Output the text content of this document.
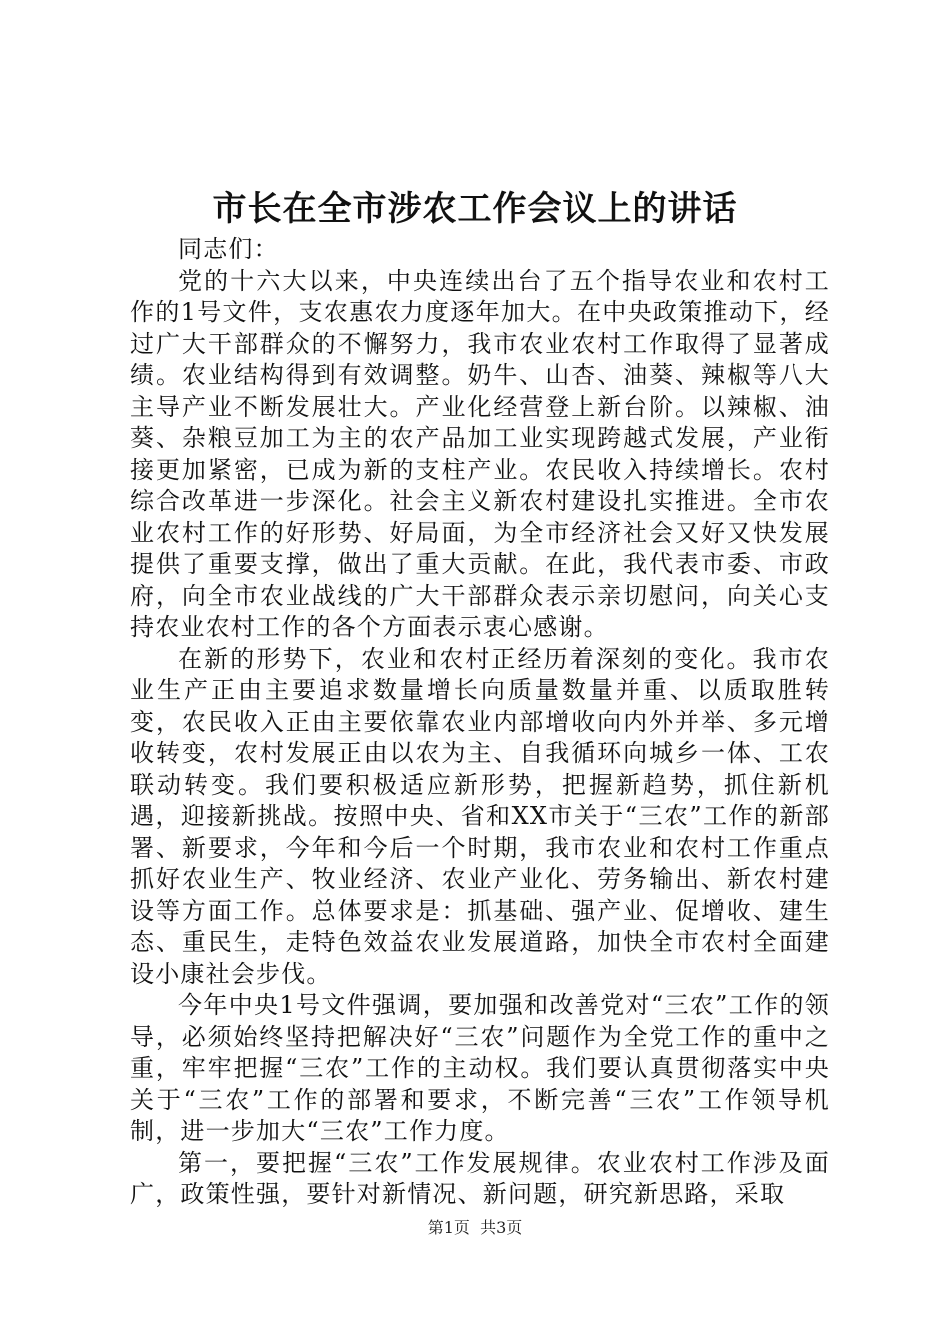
市长在全市涉农工作会议上的讲话

同志们：

党的十六大以来，中央连续出台了五个指导农业和农村工作的1号文件，支农惠农力度逐年加大。在中央政策推动下，经过广大干部群众的不懈努力，我市农业农村工作取得了显著成绩。农业结构得到有效调整。奶牛、山杏、油葵、辣椒等八大主导产业不断发展壮大。产业化经营登上新台阶。以辣椒、油葵、杂粮豆加工为主的农产品加工业实现跨越式发展，产业衔接更加紧密，已成为新的支柱产业。农民收入持续增长。农村综合改革进一步深化。社会主义新农村建设扎实推进。全市农业农村工作的好形势、好局面，为全市经济社会又好又快发展提供了重要支撑，做出了重大贡献。在此，我代表市委、市政府，向全市农业战线的广大干部群众表示亲切慰问，向关心支持农业农村工作的各个方面表示衷心感谢。

在新的形势下，农业和农村正经历着深刻的变化。我市农业生产正由主要追求数量增长向质量数量并重、以质取胜转变，农民收入正由主要依靠农业内部增收向内外并举、多元增收转变，农村发展正由以农为主、自我循环向城乡一体、工农联动转变。我们要积极适应新形势，把握新趋势，抓住新机遇，迎接新挑战。按照中央、省和XX市关于“三农”工作的新部署、新要求，今年和今后一个时期，我市农业和农村工作重点抓好农业生产、牧业经济、农业产业化、劳务输出、新农村建设等方面工作。总体要求是：抓基础、强产业、促增收、建生态、重民生，走特色效益农业发展道路，加快全市农村全面建设小康社会步伐。

今年中央1号文件强调，要加强和改善党对“三农”工作的领导，必须始终坚持把解决好“三农”问题作为全党工作的重中之重，牢牢把握“三农”工作的主动权。我们要认真贯彻落实中央关于“三农”工作的部署和要求，不断完善“三农”工作领导机制，进一步加大“三农”工作力度。

第一，要把握“三农”工作发展规律。农业农村工作涉及面广，政策性强，要针对新情况、新问题，研究新思路，采取

第1页  共3页
